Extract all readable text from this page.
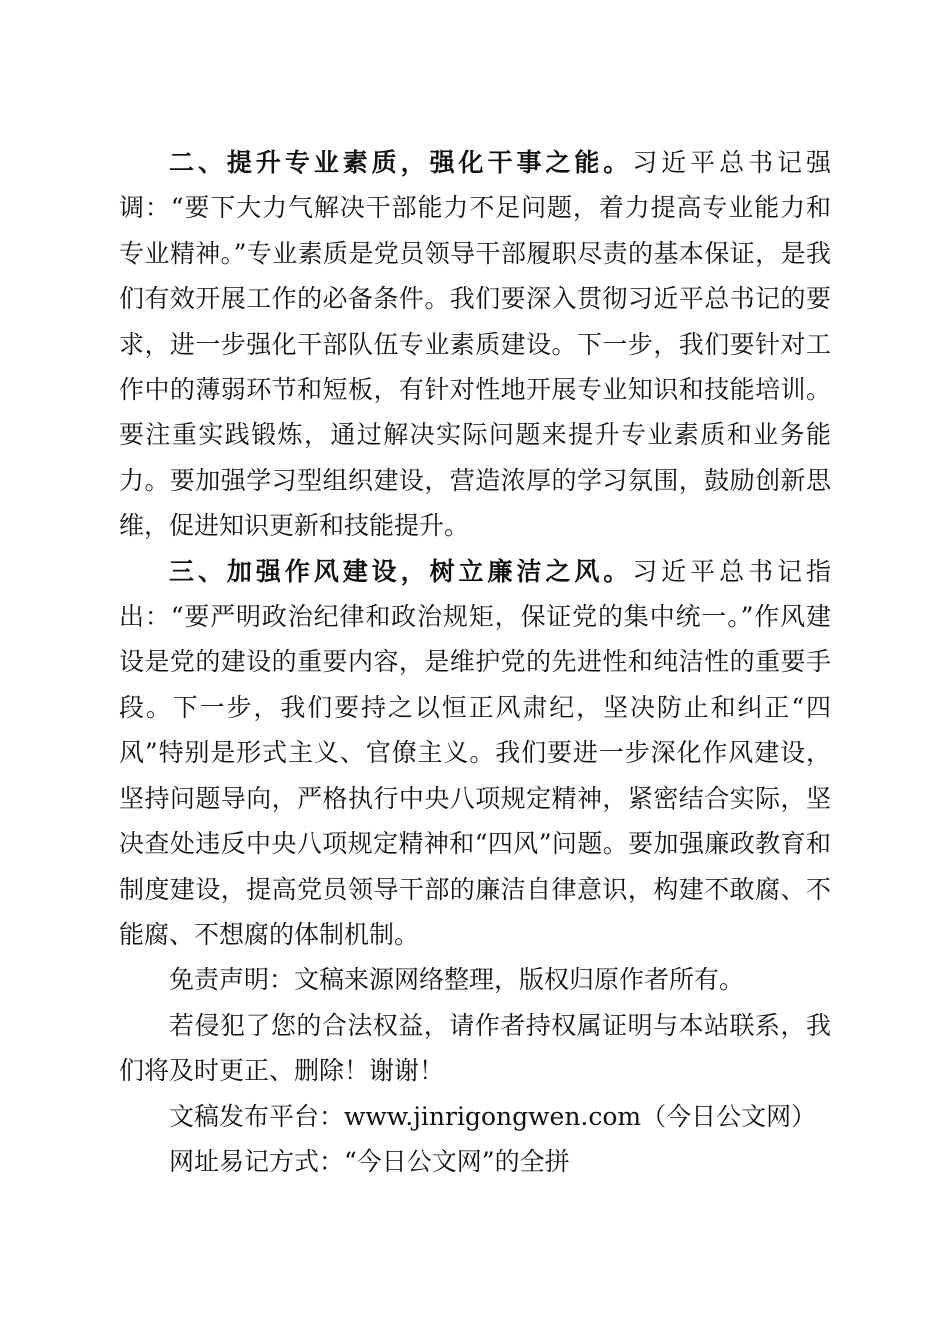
二、提升专业素质，强化干事之能。习近平总书记强调：“要下大力气解决干部能力不足问题，着力提高专业能力和专业精神。”专业素质是党员领导干部履职尽责的基本保证，是我们有效开展工作的必备条件。我们要深入贯彻习近平总书记的要求，进一步强化干部队伍专业素质建设。下一步，我们要针对工作中的薄弱环节和短板，有针对性地开展专业知识和技能培训。要注重实践锻炼，通过解决实际问题来提升专业素质和业务能力。要加强学习型组织建设，营造浓厚的学习氛围，鼓励创新思维，促进知识更新和技能提升。

三、加强作风建设，树立廉洁之风。习近平总书记指出：“要严明政治纪律和政治规矩，保证党的集中统一。”作风建设是党的建设的重要内容，是维护党的先进性和纯洁性的重要手段。下一步，我们要持之以恒正风肃纪，坚决防止和纠正“四风”特别是形式主义、官僚主义。我们要进一步深化作风建设，坚持问题导向，严格执行中央八项规定精神，紧密结合实际，坚决查处违反中央八项规定精神和“四风”问题。要加强廉政教育和制度建设，提高党员领导干部的廉洁自律意识，构建不敢腐、不能腐、不想腐的体制机制。

免责声明：文稿来源网络整理，版权归原作者所有。

若侵犯了您的合法权益，请作者持权属证明与本站联系，我们将及时更正、删除！谢谢！

文稿发布平台：www.jinrigongwen.com（今日公文网）

网址易记方式：“今日公文网”的全拼
